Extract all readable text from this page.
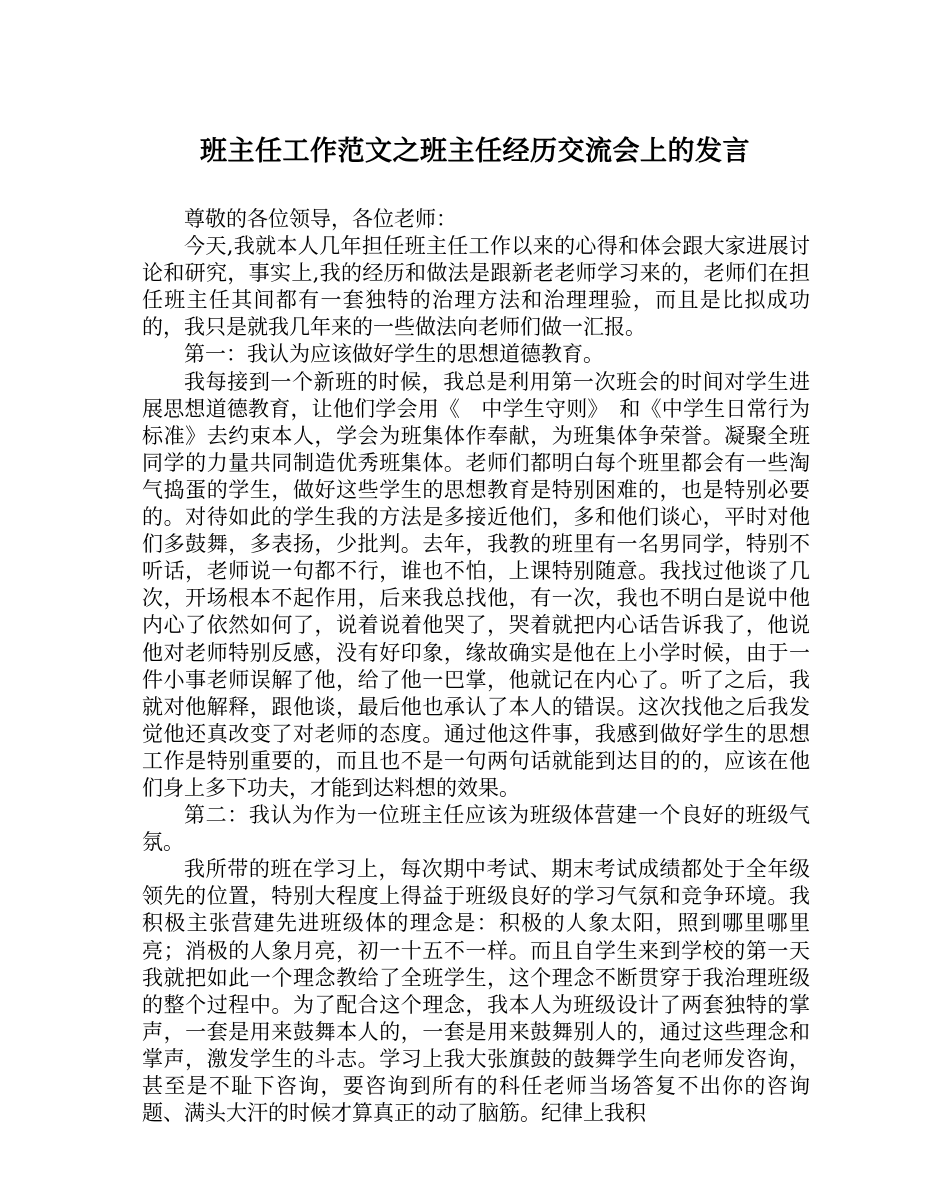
班主任工作范文之班主任经历交流会上的发言

尊敬的各位领导，各位老师：

今天,我就本人几年担任班主任工作以来的心得和体会跟大家进展讨论和研究，事实上,我的经历和做法是跟新老老师学习来的，老师们在担任班主任其间都有一套独特的治理方法和治理理验，而且是比拟成功的，我只是就我几年来的一些做法向老师们做一汇报。

第一：我认为应该做好学生的思想道德教育。

我每接到一个新班的时候，我总是利用第一次班会的时间对学生进展思想道德教育，让他们学会用《　中学生守则》　和《中学生日常行为标准》去约束本人，学会为班集体作奉献，为班集体争荣誉。凝聚全班同学的力量共同制造优秀班集体。老师们都明白每个班里都会有一些淘气捣蛋的学生，做好这些学生的思想教育是特别困难的，也是特别必要的。对待如此的学生我的方法是多接近他们，多和他们谈心，平时对他们多鼓舞，多表扬，少批判。去年，我教的班里有一名男同学，特别不听话，老师说一句都不行，谁也不怕，上课特别随意。我找过他谈了几次，开场根本不起作用，后来我总找他，有一次，我也不明白是说中他内心了依然如何了，说着说着他哭了，哭着就把内心话告诉我了，他说他对老师特别反感，没有好印象，缘故确实是他在上小学时候，由于一件小事老师误解了他，给了他一巴掌，他就记在内心了。听了之后，我就对他解释，跟他谈，最后他也承认了本人的错误。这次找他之后我发觉他还真改变了对老师的态度。通过他这件事，我感到做好学生的思想工作是特别重要的，而且也不是一句两句话就能到达目的的，应该在他们身上多下功夫，才能到达料想的效果。

第二：我认为作为一位班主任应该为班级体营建一个良好的班级气氛。

我所带的班在学习上，每次期中考试、期末考试成绩都处于全年级领先的位置，特别大程度上得益于班级良好的学习气氛和竞争环境。我积极主张营建先进班级体的理念是：积极的人象太阳，照到哪里哪里亮；消极的人象月亮，初一十五不一样。而且自学生来到学校的第一天我就把如此一个理念教给了全班学生，这个理念不断贯穿于我治理班级的整个过程中。为了配合这个理念，我本人为班级设计了两套独特的掌声，一套是用来鼓舞本人的，一套是用来鼓舞别人的，通过这些理念和掌声，激发学生的斗志。学习上我大张旗鼓的鼓舞学生向老师发咨询，甚至是不耻下咨询，要咨询到所有的科任老师当场答复不出你的咨询题、满头大汗的时候才算真正的动了脑筋。纪律上我积
